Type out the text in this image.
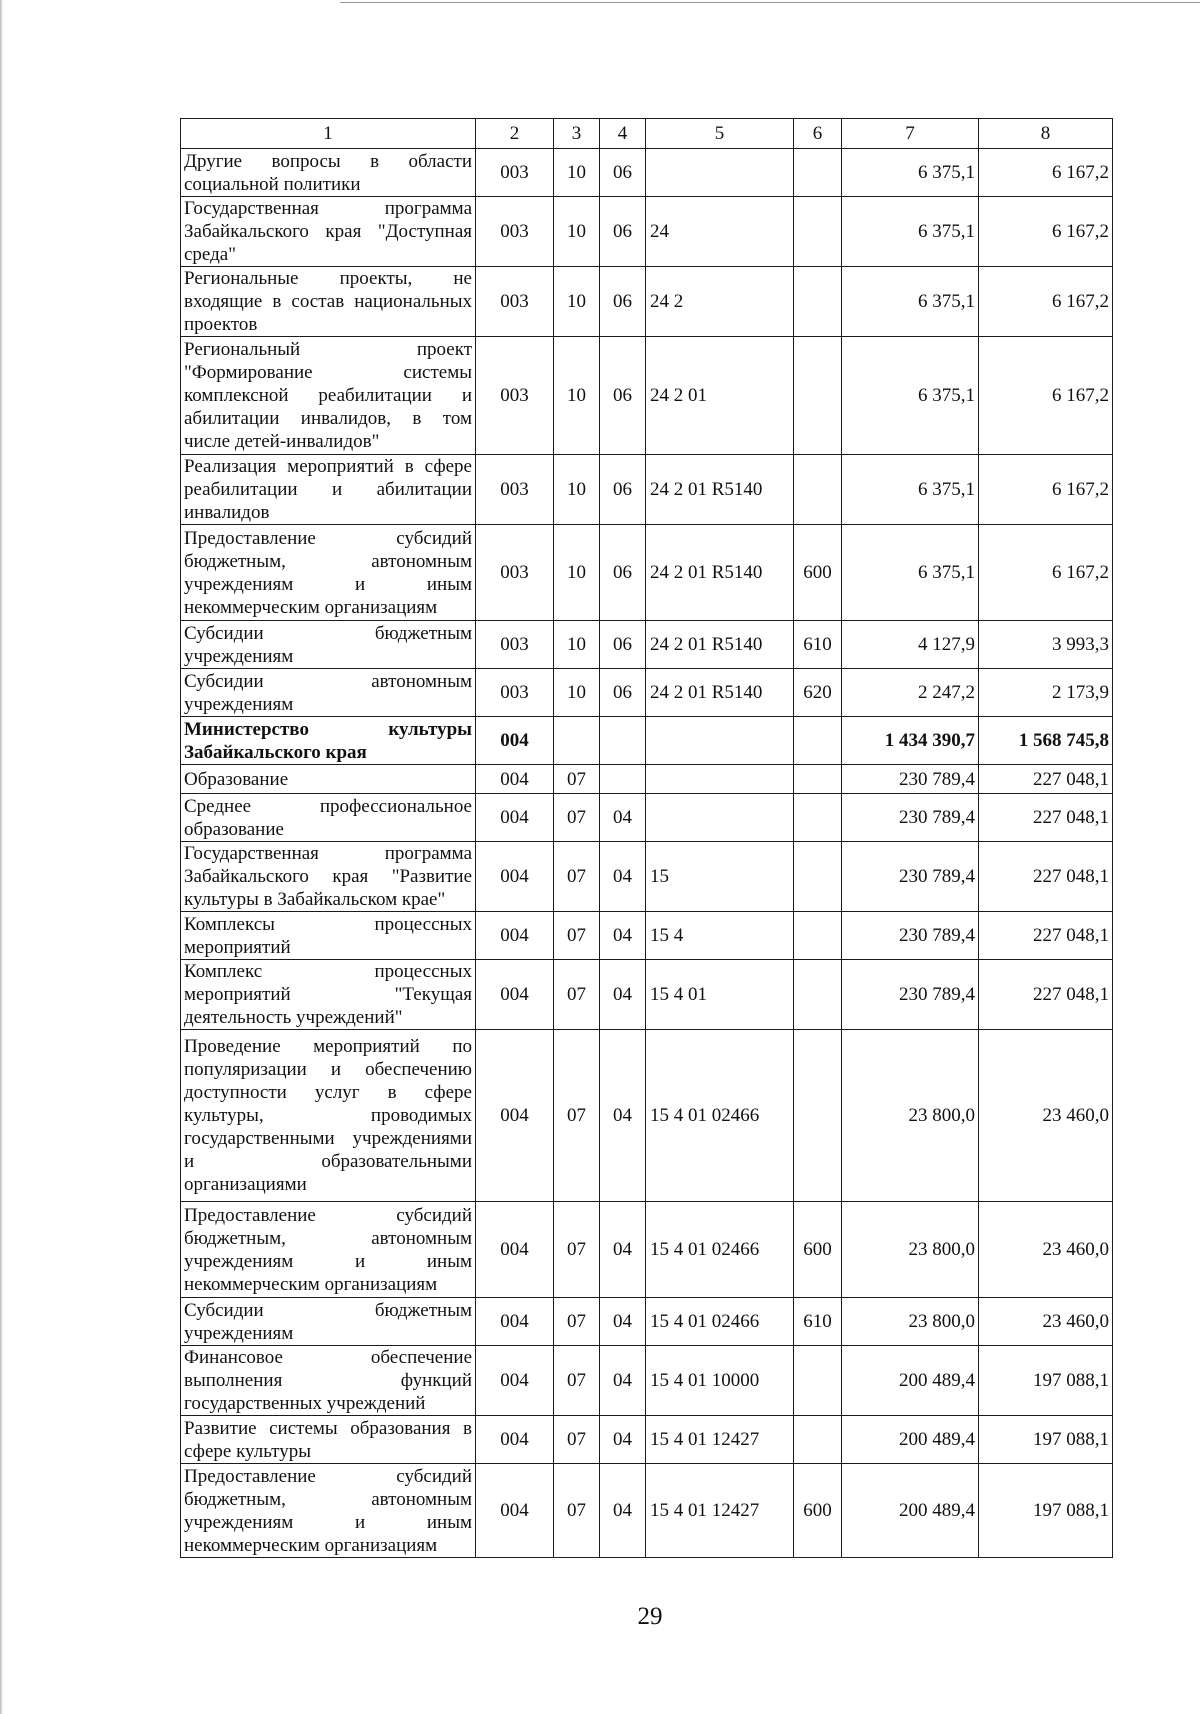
1	2	3	4	5	6	7	8
Другие вопросы в области социальной политики	003	10	06			6 375,1	6 167,2
Государственная программа Забайкальского края "Доступная среда"	003	10	06	24		6 375,1	6 167,2
Региональные проекты, не входящие в состав национальных проектов	003	10	06	24 2		6 375,1	6 167,2
Региональный проект "Формирование системы комплексной реабилитации и абилитации инвалидов, в том числе детей-инвалидов"	003	10	06	24 2 01		6 375,1	6 167,2
Реализация мероприятий в сфере реабилитации и абилитации инвалидов	003	10	06	24 2 01 R5140		6 375,1	6 167,2
Предоставление субсидий бюджетным, автономным учреждениям и иным некоммерческим организациям	003	10	06	24 2 01 R5140	600	6 375,1	6 167,2
Субсидии бюджетным учреждениям	003	10	06	24 2 01 R5140	610	4 127,9	3 993,3
Субсидии автономным учреждениям	003	10	06	24 2 01 R5140	620	2 247,2	2 173,9
Министерство культуры Забайкальского края	004					1 434 390,7	1 568 745,8
Образование	004	07				230 789,4	227 048,1
Среднее профессиональное образование	004	07	04			230 789,4	227 048,1
Государственная программа Забайкальского края "Развитие культуры в Забайкальском крае"	004	07	04	15		230 789,4	227 048,1
Комплексы процессных мероприятий	004	07	04	15 4		230 789,4	227 048,1
Комплекс процессных мероприятий "Текущая деятельность учреждений"	004	07	04	15 4 01		230 789,4	227 048,1
Проведение мероприятий по популяризации и обеспечению доступности услуг в сфере культуры, проводимых государственными учреждениями и образовательными организациями	004	07	04	15 4 01 02466		23 800,0	23 460,0
Предоставление субсидий бюджетным, автономным учреждениям и иным некоммерческим организациям	004	07	04	15 4 01 02466	600	23 800,0	23 460,0
Субсидии бюджетным учреждениям	004	07	04	15 4 01 02466	610	23 800,0	23 460,0
Финансовое обеспечение выполнения функций государственных учреждений	004	07	04	15 4 01 10000		200 489,4	197 088,1
Развитие системы образования в сфере культуры	004	07	04	15 4 01 12427		200 489,4	197 088,1
Предоставление субсидий бюджетным, автономным учреждениям и иным некоммерческим организациям	004	07	04	15 4 01 12427	600	200 489,4	197 088,1
29
